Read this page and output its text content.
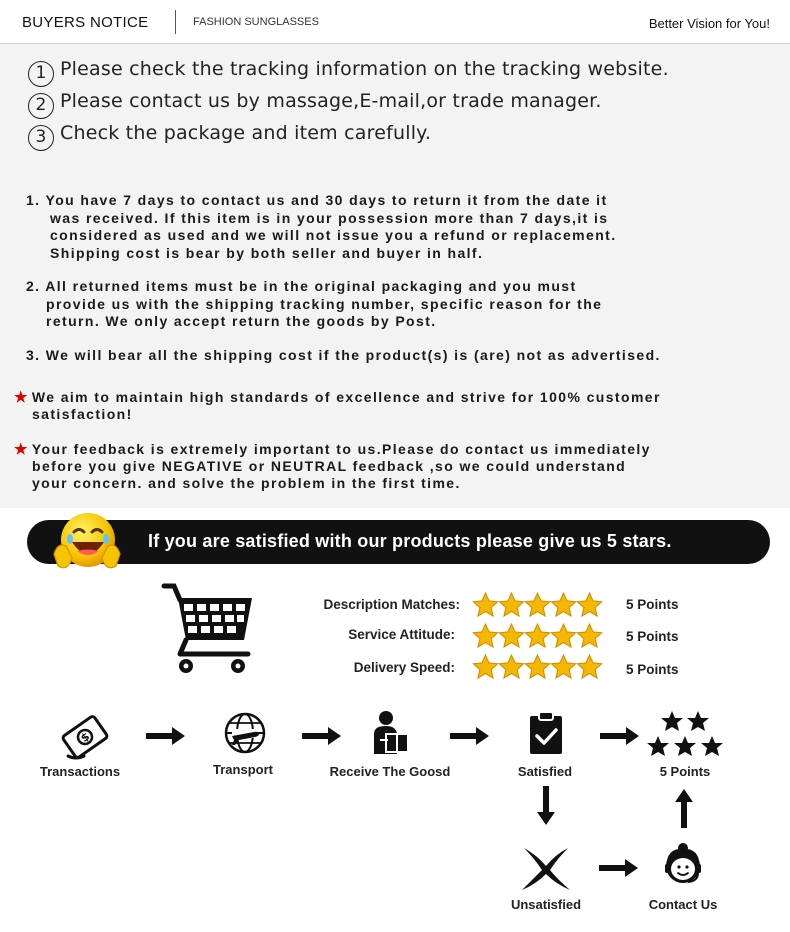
BUYERS NOTICE	FASHION SUNGLASSES	Better Vision for You!
1 Please check the tracking information on the tracking website.
2 Please contact us by massage,E-mail,or trade manager.
3 Check the package and item carefully.
1. You have 7 days to contact us and 30 days to return it from the date it
was received. If this item is in your possession more than 7 days,it is
considered as used and we will not issue you a refund or replacement.
Shipping cost is bear by both seller and buyer in half.
2. All returned items must be in the original packaging and you must
provide us with the shipping tracking number, specific reason for the
return. We only accept return the goods by Post.
3. We will bear all the shipping cost if the product(s) is (are) not as advertised.
★ We aim to maintain high standards of excellence and strive for 100% customer
satisfaction!
★ Your feedback is extremely important to us.Please do contact us immediately
before you give NEGATIVE or NEUTRAL feedback ,so we could understand
your concern. and solve the problem in the first time.
If you are satisfied with our products please give us 5 stars.
Description Matches:	5 Points
Service Attitude:	5 Points
Delivery Speed:	5 Points
$
Transactions	Transport	Receive The Goosd	Satisfied	5 Points
Unsatisfied	Contact Us
